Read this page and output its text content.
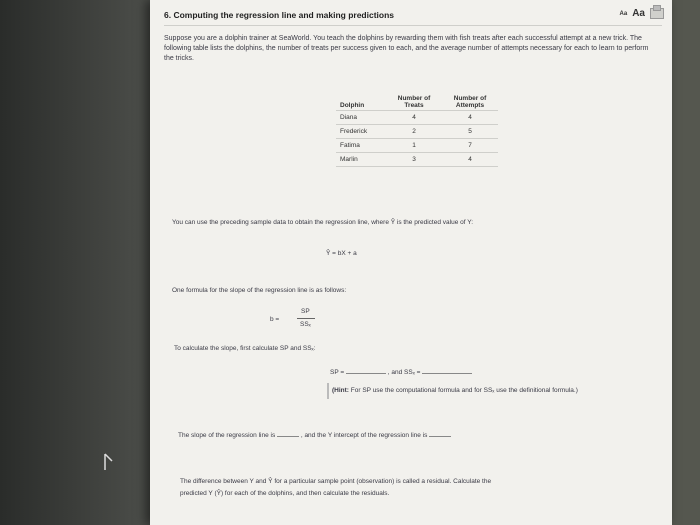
6. Computing the regression line and making predictions	Aa Aa
Suppose you are a dolphin trainer at SeaWorld. You teach the dolphins by rewarding them with fish treats after each successful attempt at a new trick. The following table lists the dolphins, the number of treats per success given to each, and the average number of attempts necessary for each to learn to perform the tricks.
Dolphin	Number of Treats	Number of Attempts
Diana	4	4
Frederick	2	5
Fatima	1	7
Marlin	3	4
You can use the preceding sample data to obtain the regression line, where Ŷ is the predicted value of Y:
Ŷ = bX + a
One formula for the slope of the regression line is as follows:
b =
SP
SSₓ
To calculate the slope, first calculate SP and SSₓ:
SP =	, and SSₓ =
(Hint: For SP use the computational formula and for SSₓ use the definitional formula.)
The slope of the regression line is	, and the Y intercept of the regression line is
The difference between Y and Ŷ for a particular sample point (observation) is called a residual. Calculate the
predicted Y (Ŷ) for each of the dolphins, and then calculate the residuals.
